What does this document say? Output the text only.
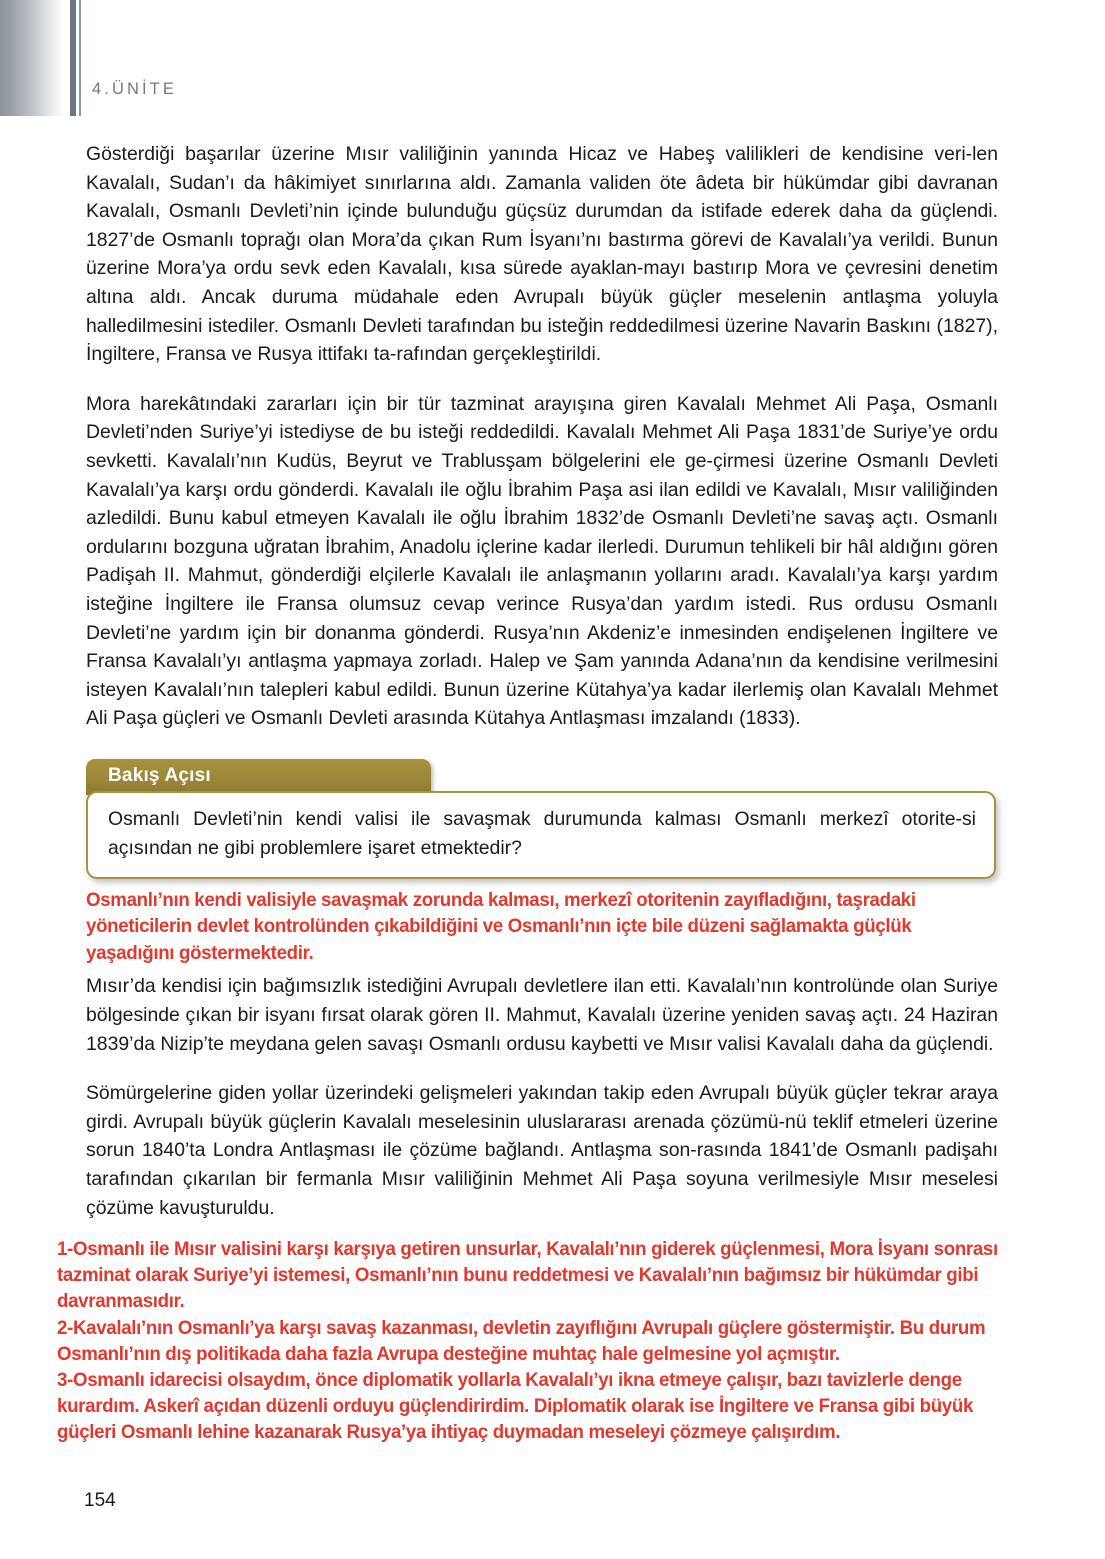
4.ÜNİTE

Gösterdiği başarılar üzerine Mısır valiliğinin yanında Hicaz ve Habeş valilikleri de kendisine veri-len Kavalalı, Sudan’ı da hâkimiyet sınırlarına aldı. Zamanla validen öte âdeta bir hükümdar gibi davranan Kavalalı, Osmanlı Devleti’nin içinde bulunduğu güçsüz durumdan da istifade ederek daha da güçlendi. 1827’de Osmanlı toprağı olan Mora’da çıkan Rum İsyanı’nı bastırma görevi de Kavalalı’ya verildi. Bunun üzerine Mora’ya ordu sevk eden Kavalalı, kısa sürede ayaklan-mayı bastırıp Mora ve çevresini denetim altına aldı. Ancak duruma müdahale eden Avrupalı büyük güçler meselenin antlaşma yoluyla halledilmesini istediler. Osmanlı Devleti tarafından bu isteğin reddedilmesi üzerine Navarin Baskını (1827), İngiltere, Fransa ve Rusya ittifakı ta-rafından gerçekleştirildi.

Mora harekâtındaki zararları için bir tür tazminat arayışına giren Kavalalı Mehmet Ali Paşa, Osmanlı Devleti’nden Suriye’yi istediyse de bu isteği reddedildi. Kavalalı Mehmet Ali Paşa 1831’de Suriye’ye ordu sevketti. Kavalalı’nın Kudüs, Beyrut ve Trablusşam bölgelerini ele ge-çirmesi üzerine Osmanlı Devleti Kavalalı’ya karşı ordu gönderdi. Kavalalı ile oğlu İbrahim Paşa asi ilan edildi ve Kavalalı, Mısır valiliğinden azledildi. Bunu kabul etmeyen Kavalalı ile oğlu İbrahim 1832’de Osmanlı Devleti’ne savaş açtı. Osmanlı ordularını bozguna uğratan İbrahim, Anadolu içlerine kadar ilerledi. Durumun tehlikeli bir hâl aldığını gören Padişah II. Mahmut, gönderdiği elçilerle Kavalalı ile anlaşmanın yollarını aradı. Kavalalı’ya karşı yardım isteğine İngiltere ile Fransa olumsuz cevap verince Rusya’dan yardım istedi. Rus ordusu Osmanlı Devleti’ne yardım için bir donanma gönderdi. Rusya’nın Akdeniz’e inmesinden endişelenen İngiltere ve Fransa Kavalalı’yı antlaşma yapmaya zorladı. Halep ve Şam yanında Adana’nın da kendisine verilmesini isteyen Kavalalı’nın talepleri kabul edildi. Bunun üzerine Kütahya’ya kadar ilerlemiş olan Kavalalı Mehmet Ali Paşa güçleri ve Osmanlı Devleti arasında Kütahya Antlaşması imzalandı (1833).

Bakış Açısı

Osmanlı Devleti’nin kendi valisi ile savaşmak durumunda kalması Osmanlı merkezî otorite-si açısından ne gibi problemlere işaret etmektedir?

Osmanlı’nın kendi valisiyle savaşmak zorunda kalması, merkezî otoritenin zayıfladığını, taşradaki yöneticilerin devlet kontrolünden çıkabildiğini ve Osmanlı’nın içte bile düzeni sağlamakta güçlük yaşadığını göstermektedir.

Mısır’da kendisi için bağımsızlık istediğini Avrupalı devletlere ilan etti. Kavalalı’nın kontrolünde olan Suriye bölgesinde çıkan bir isyanı fırsat olarak gören II. Mahmut, Kavalalı üzerine yeniden savaş açtı. 24 Haziran 1839’da Nizip’te meydana gelen savaşı Osmanlı ordusu kaybetti ve Mısır valisi Kavalalı daha da güçlendi.

Sömürgelerine giden yollar üzerindeki gelişmeleri yakından takip eden Avrupalı büyük güçler tekrar araya girdi. Avrupalı büyük güçlerin Kavalalı meselesinin uluslararası arenada çözümü-nü teklif etmeleri üzerine sorun 1840’ta Londra Antlaşması ile çözüme bağlandı. Antlaşma son-rasında 1841’de Osmanlı padişahı tarafından çıkarılan bir fermanla Mısır valiliğinin Mehmet Ali Paşa soyuna verilmesiyle Mısır meselesi çözüme kavuşturuldu.

1-Osmanlı ile Mısır valisini karşı karşıya getiren unsurlar, Kavalalı’nın giderek güçlenmesi, Mora İsyanı sonrası tazminat olarak Suriye’yi istemesi, Osmanlı’nın bunu reddetmesi ve Kavalalı’nın bağımsız bir hükümdar gibi davranmasıdır.

2-Kavalalı’nın Osmanlı’ya karşı savaş kazanması, devletin zayıflığını Avrupalı güçlere göstermiştir. Bu durum Osmanlı’nın dış politikada daha fazla Avrupa desteğine muhtaç hale gelmesine yol açmıştır.

3-Osmanlı idarecisi olsaydım, önce diplomatik yollarla Kavalalı’yı ikna etmeye çalışır, bazı tavizlerle denge kurardım. Askerî açıdan düzenli orduyu güçlendirirdim. Diplomatik olarak ise İngiltere ve Fransa gibi büyük güçleri Osmanlı lehine kazanarak Rusya’ya ihtiyaç duymadan meseleyi çözmeye çalışırdım.

154
